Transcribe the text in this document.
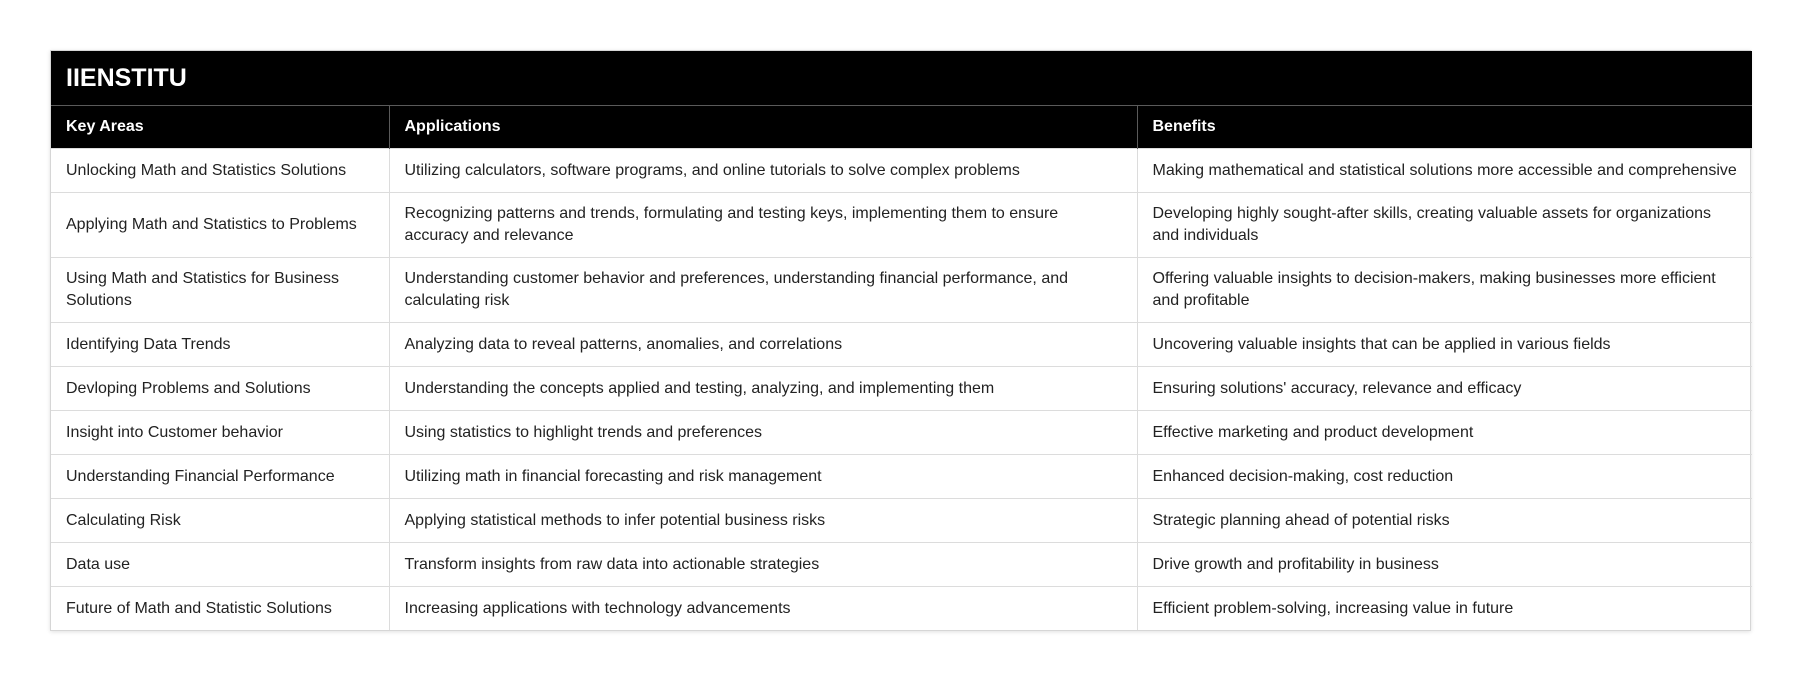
IIENSTITU		
Key Areas	Applications	Benefits
Unlocking Math and Statistics Solutions	Utilizing calculators, software programs, and online tutorials to solve complex problems	Making mathematical and statistical solutions more accessible and comprehensive
Applying Math and Statistics to Problems	Recognizing patterns and trends, formulating and testing keys, implementing them to ensure accuracy and relevance	Developing highly sought-after skills, creating valuable assets for organizations and individuals
Using Math and Statistics for Business Solutions	Understanding customer behavior and preferences, understanding financial performance, and calculating risk	Offering valuable insights to decision-makers, making businesses more efficient and profitable
Identifying Data Trends	Analyzing data to reveal patterns, anomalies, and correlations	Uncovering valuable insights that can be applied in various fields
Devloping Problems and Solutions	Understanding the concepts applied and testing, analyzing, and implementing them	Ensuring solutions' accuracy, relevance and efficacy
Insight into Customer behavior	Using statistics to highlight trends and preferences	Effective marketing and product development
Understanding Financial Performance	Utilizing math in financial forecasting and risk management	Enhanced decision-making, cost reduction
Calculating Risk	Applying statistical methods to infer potential business risks	Strategic planning ahead of potential risks
Data use	Transform insights from raw data into actionable strategies	Drive growth and profitability in business
Future of Math and Statistic Solutions	Increasing applications with technology advancements	Efficient problem-solving, increasing value in future
